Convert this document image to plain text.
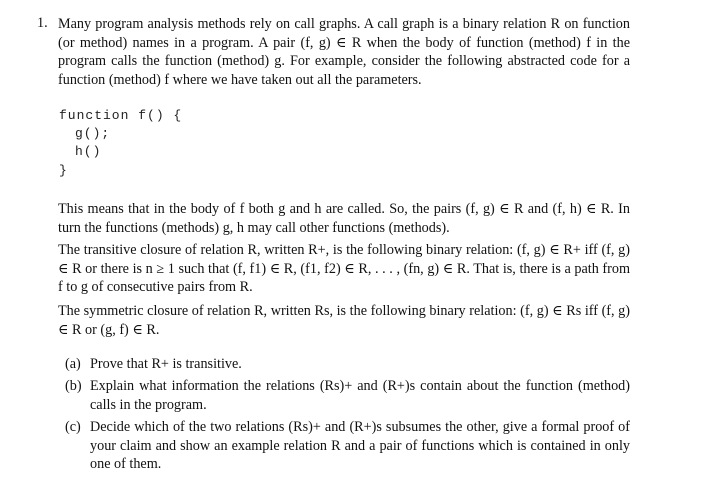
1. Many program analysis methods rely on call graphs. A call graph is a binary relation R on function (or method) names in a program. A pair (f, g) ∈ R when the body of function (method) f in the program calls the function (method) g. For example, consider the following abstracted code for a function (method) f where we have taken out all the parameters.
function f() {
g();
h()
}
This means that in the body of f both g and h are called. So, the pairs (f, g) ∈ R and (f, h) ∈ R. In turn the functions (methods) g, h may call other functions (methods).
The transitive closure of relation R, written R+, is the following binary relation: (f, g) ∈ R+ iff (f, g) ∈ R or there is n ≥ 1 such that (f, f1) ∈ R, (f1, f2) ∈ R, . . . , (fn, g) ∈ R. That is, there is a path from f to g of consecutive pairs from R.
The symmetric closure of relation R, written Rs, is the following binary relation: (f, g) ∈ Rs iff (f, g) ∈ R or (g, f) ∈ R.
(a) Prove that R+ is transitive.
(b) Explain what information the relations (Rs)+ and (R+)s contain about the function (method) calls in the program.
(c) Decide which of the two relations (Rs)+ and (R+)s subsumes the other, give a formal proof of your claim and show an example relation R and a pair of functions which is contained in only one of them.
